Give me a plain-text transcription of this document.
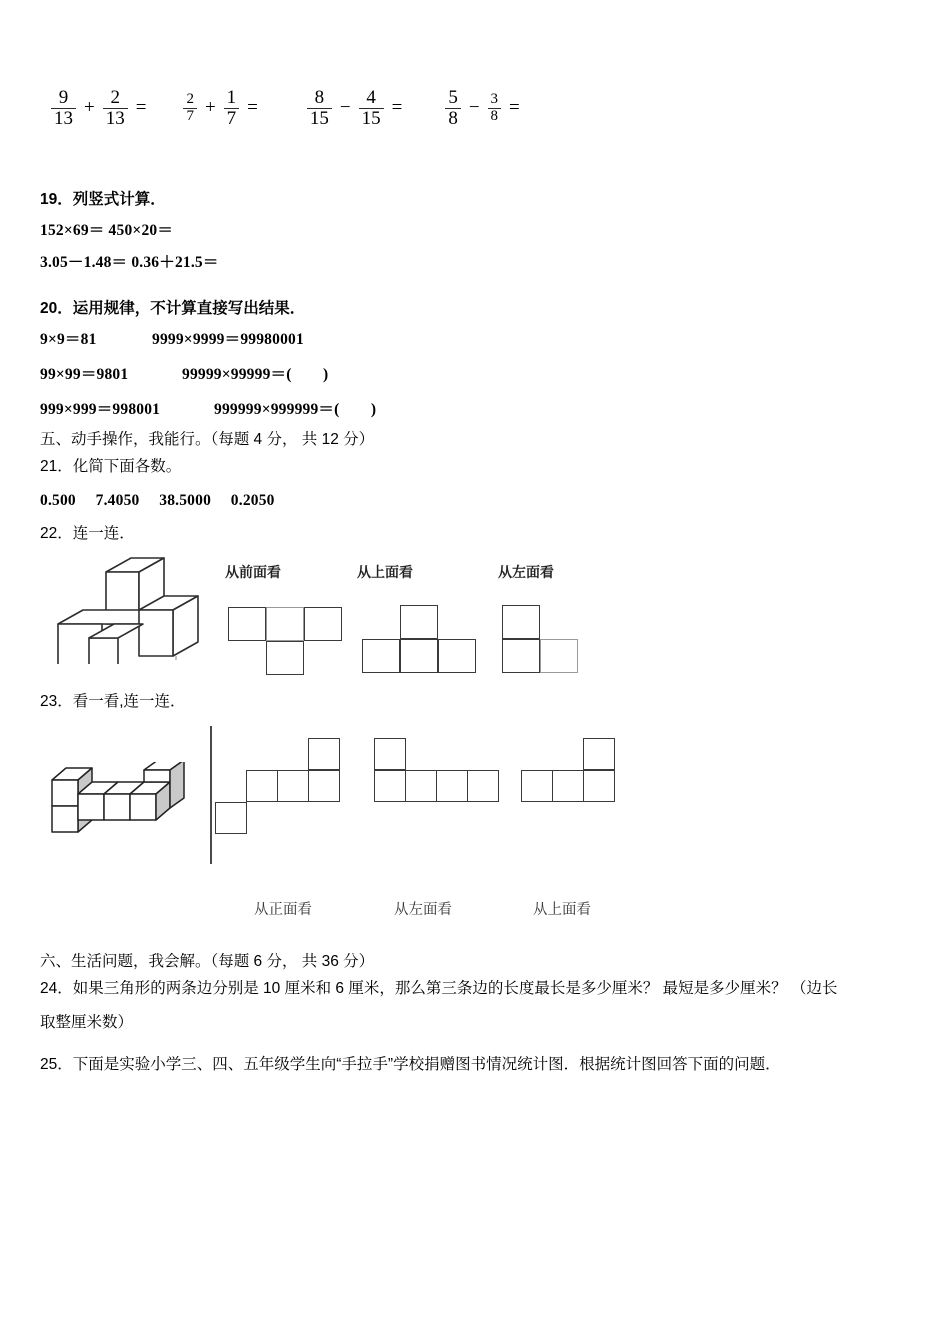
$\frac{9}{13} + \frac{2}{13} = \frac{2}{7} + \frac{1}{7}$ =	$\frac{8}{15} - \frac{4}{15} = \frac{5}{8} - \frac{3}{8}$ =
19．列竖式计算．
152×69＝ 450×20＝
3.05－1.48＝ 0.36＋21.5＝
20．运用规律，不计算直接写出结果．
9×9＝81	9999×9999＝99980001
99×99＝9801	99999×99999＝(　　)
999×999＝998001	999999×999999＝(　　)
五、动手操作，我能行。（每题 4 分， 共 12 分）
21．化简下面各数。
0.500　 7.4050　 38.5000　 0.2050
22．连一连．
从前面看	从上面看	从左面看
23．看一看,连一连．
从正面看	从左面看	从上面看
六、生活问题，我会解。（每题 6 分， 共 36 分）
24．如果三角形的两条边分别是 10 厘米和 6 厘米，那么第三条边的长度最长是多少厘米？ 最短是多少厘米？ （边长
取整厘米数）
25．下面是实验小学三、四、五年级学生向“手拉手”学校捐赠图书情况统计图．根据统计图回答下面的问题．
